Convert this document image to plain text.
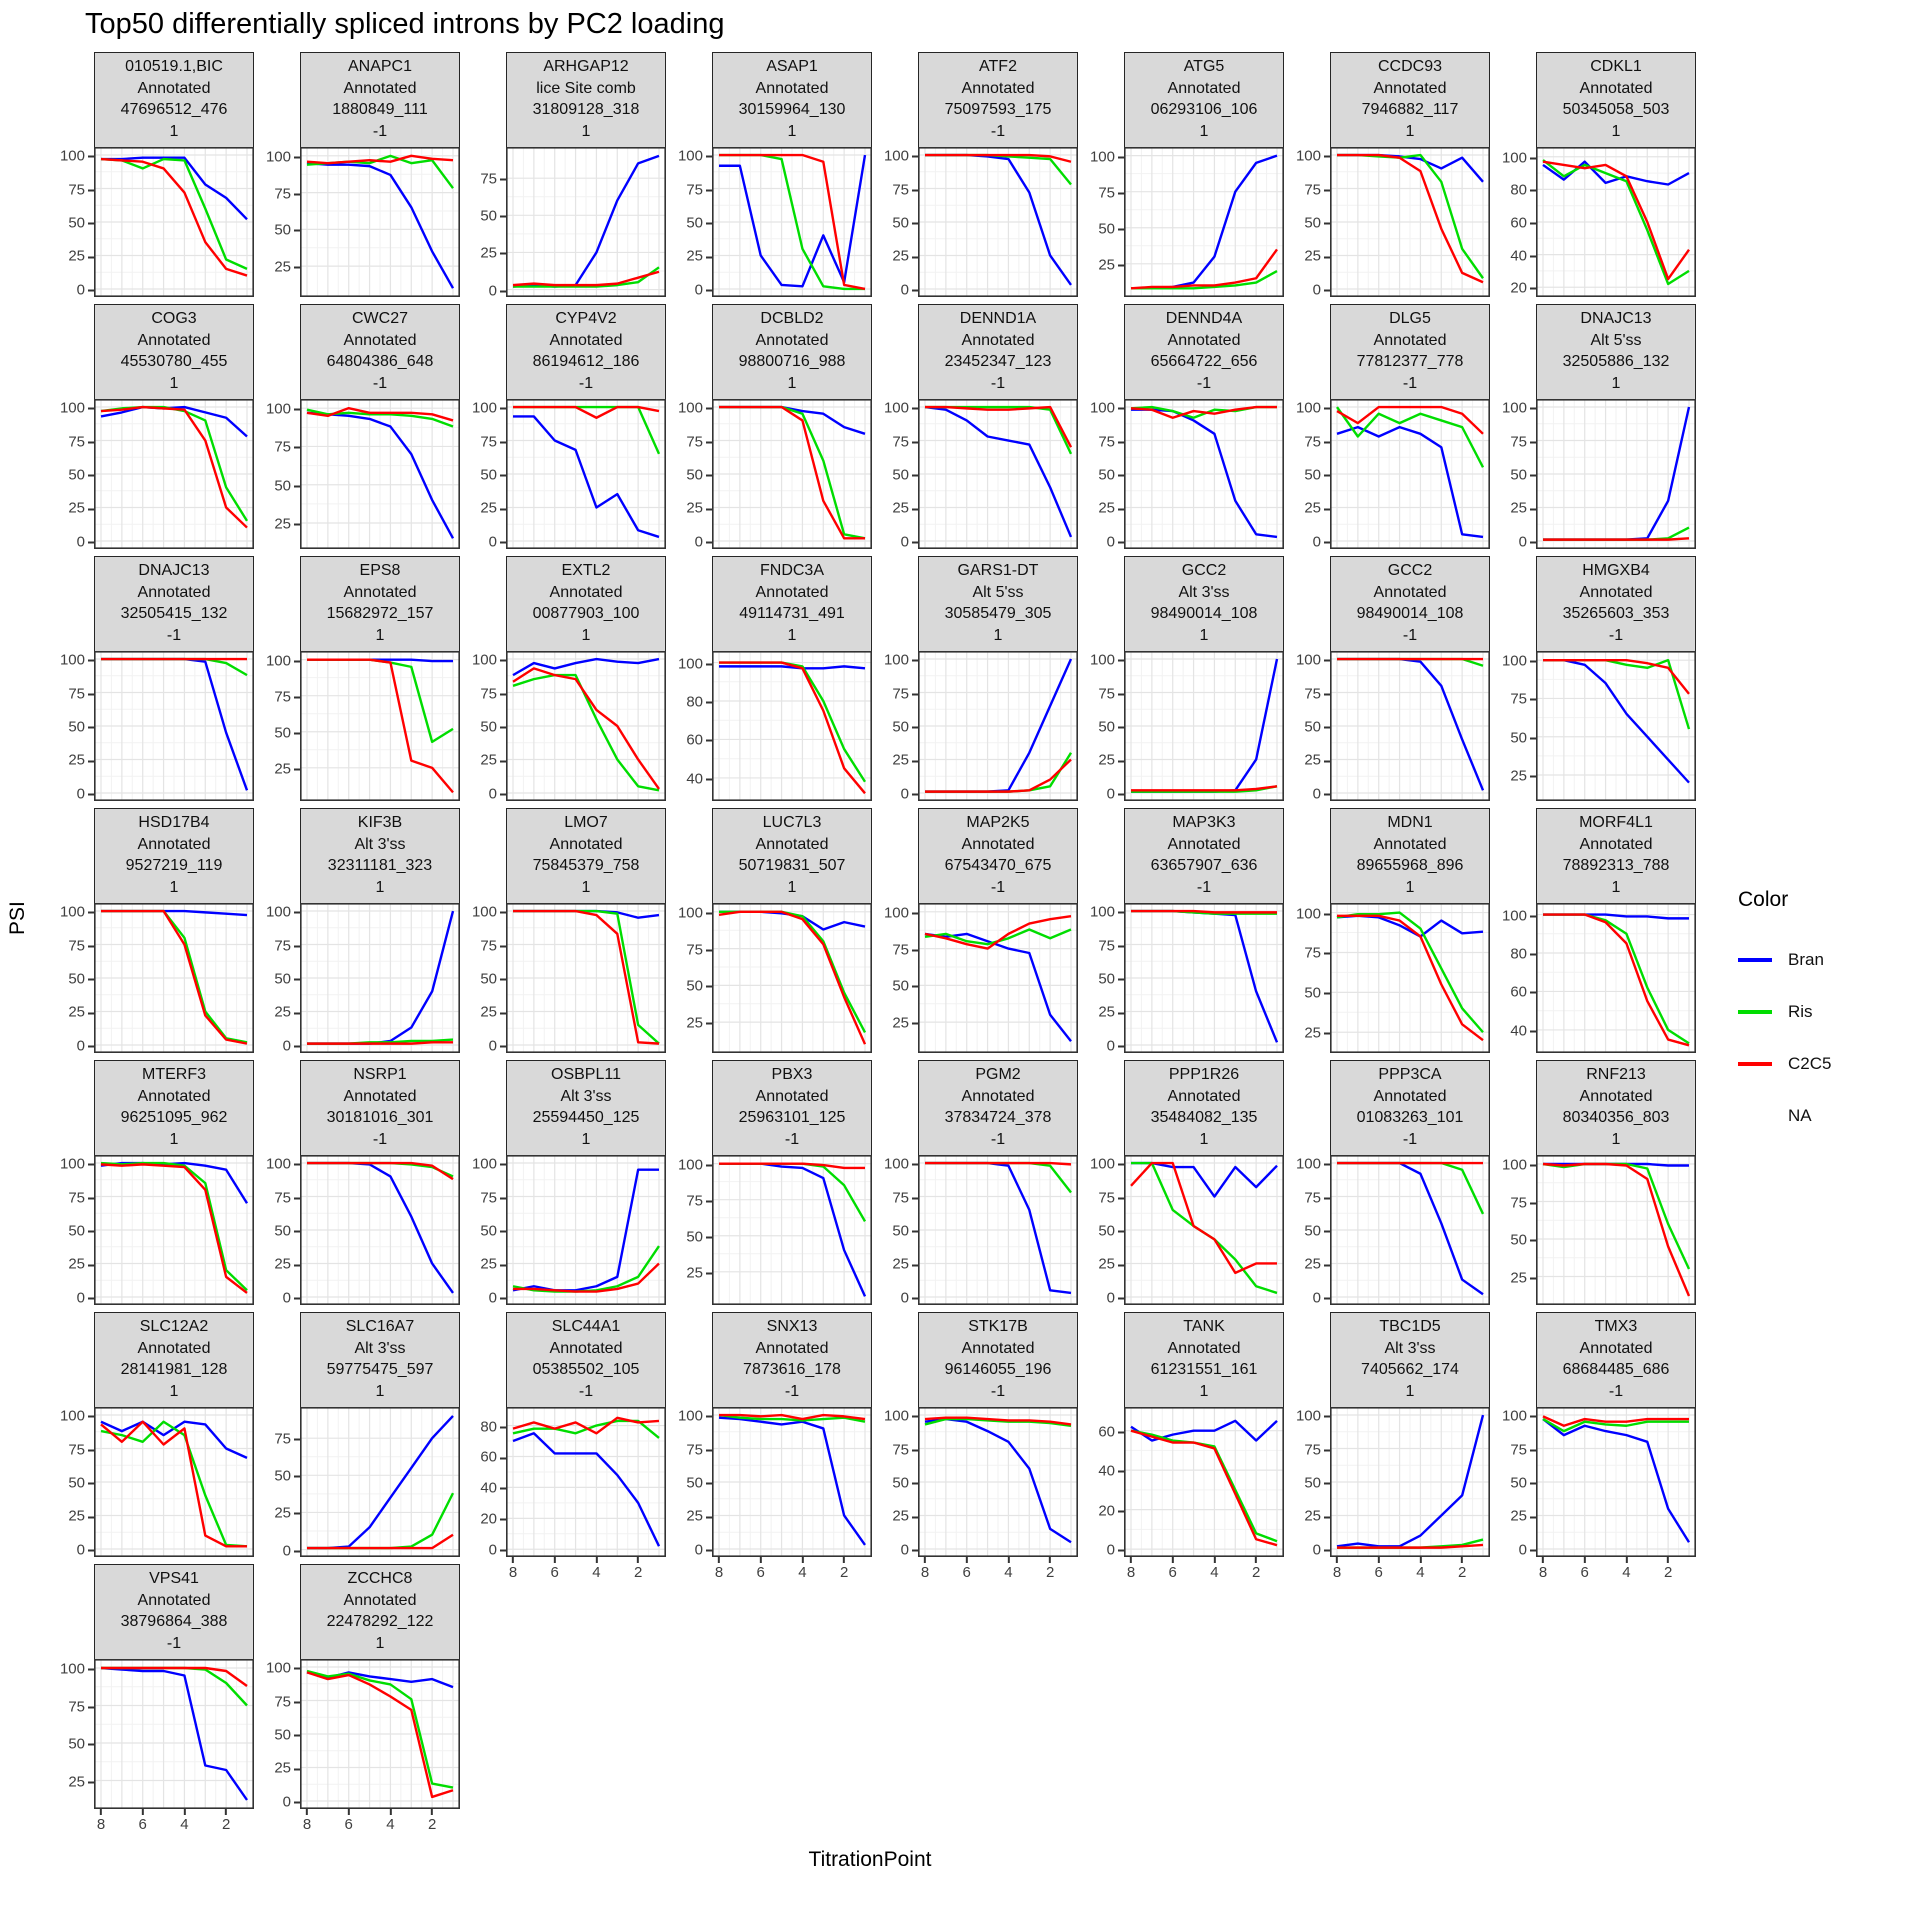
Top50 differentially spliced introns by PC2 loading
PSI
0
25
50
75
100
010519.1,BIC
Annotated
47696512_476
1
25
50
75
100
ANAPC1
Annotated
1880849_111
-1
0
25
50
75
ARHGAP12
lice Site comb
31809128_318
1
0
25
50
75
100
ASAP1
Annotated
30159964_130
1
0
25
50
75
100
ATF2
Annotated
75097593_175
-1
25
50
75
100
ATG5
Annotated
06293106_106
1
0
25
50
75
100
CCDC93
Annotated
7946882_117
1
20
40
60
80
100
CDKL1
Annotated
50345058_503
1
0
25
50
75
100
COG3
Annotated
45530780_455
1
25
50
75
100
CWC27
Annotated
64804386_648
-1
0
25
50
75
100
CYP4V2
Annotated
86194612_186
-1
0
25
50
75
100
DCBLD2
Annotated
98800716_988
1
0
25
50
75
100
DENND1A
Annotated
23452347_123
-1
0
25
50
75
100
DENND4A
Annotated
65664722_656
-1
0
25
50
75
100
DLG5
Annotated
77812377_778
-1
0
25
50
75
100
DNAJC13
Alt 5'ss
32505886_132
1
0
25
50
75
100
DNAJC13
Annotated
32505415_132
-1
25
50
75
100
EPS8
Annotated
15682972_157
1
0
25
50
75
100
EXTL2
Annotated
00877903_100
1
40
60
80
100
FNDC3A
Annotated
49114731_491
1
0
25
50
75
100
GARS1-DT
Alt 5'ss
30585479_305
1
0
25
50
75
100
GCC2
Alt 3'ss
98490014_108
1
0
25
50
75
100
GCC2
Annotated
98490014_108
-1
25
50
75
100
HMGXB4
Annotated
35265603_353
-1
0
25
50
75
100
HSD17B4
Annotated
9527219_119
1
0
25
50
75
100
KIF3B
Alt 3'ss
32311181_323
1
0
25
50
75
100
LMO7
Annotated
75845379_758
1
25
50
75
100
LUC7L3
Annotated
50719831_507
1
25
50
75
100
MAP2K5
Annotated
67543470_675
-1
0
25
50
75
100
MAP3K3
Annotated
63657907_636
-1
25
50
75
100
MDN1
Annotated
89655968_896
1
40
60
80
100
MORF4L1
Annotated
78892313_788
1
0
25
50
75
100
MTERF3
Annotated
96251095_962
1
0
25
50
75
100
NSRP1
Annotated
30181016_301
-1
0
25
50
75
100
OSBPL11
Alt 3'ss
25594450_125
1
25
50
75
100
PBX3
Annotated
25963101_125
-1
0
25
50
75
100
PGM2
Annotated
37834724_378
-1
0
25
50
75
100
PPP1R26
Annotated
35484082_135
1
0
25
50
75
100
PPP3CA
Annotated
01083263_101
-1
25
50
75
100
RNF213
Annotated
80340356_803
1
0
25
50
75
100
SLC12A2
Annotated
28141981_128
1
0
25
50
75
SLC16A7
Alt 3'ss
59775475_597
1
0
20
40
60
80
SLC44A1
Annotated
05385502_105
-1
8 6 4 2
0
25
50
75
100
SNX13
Annotated
7873616_178
-1
8 6 4 2
0
25
50
75
100
STK17B
Annotated
96146055_196
-1
8 6 4 2
0
20
40
60
TANK
Annotated
61231551_161
1
8 6 4 2
0
25
50
75
100
TBC1D5
Alt 3'ss
7405662_174
1
8 6 4 2
0
25
50
75
100
TMX3
Annotated
68684485_686
-1
8 6 4 2
25
50
75
100
VPS41
Annotated
38796864_388
-1
8 6 4 2
0
25
50
75
100
ZCCHC8
Annotated
22478292_122
1
8 6 4 2
TitrationPoint
Color
Bran
Ris
C2C5
NA
